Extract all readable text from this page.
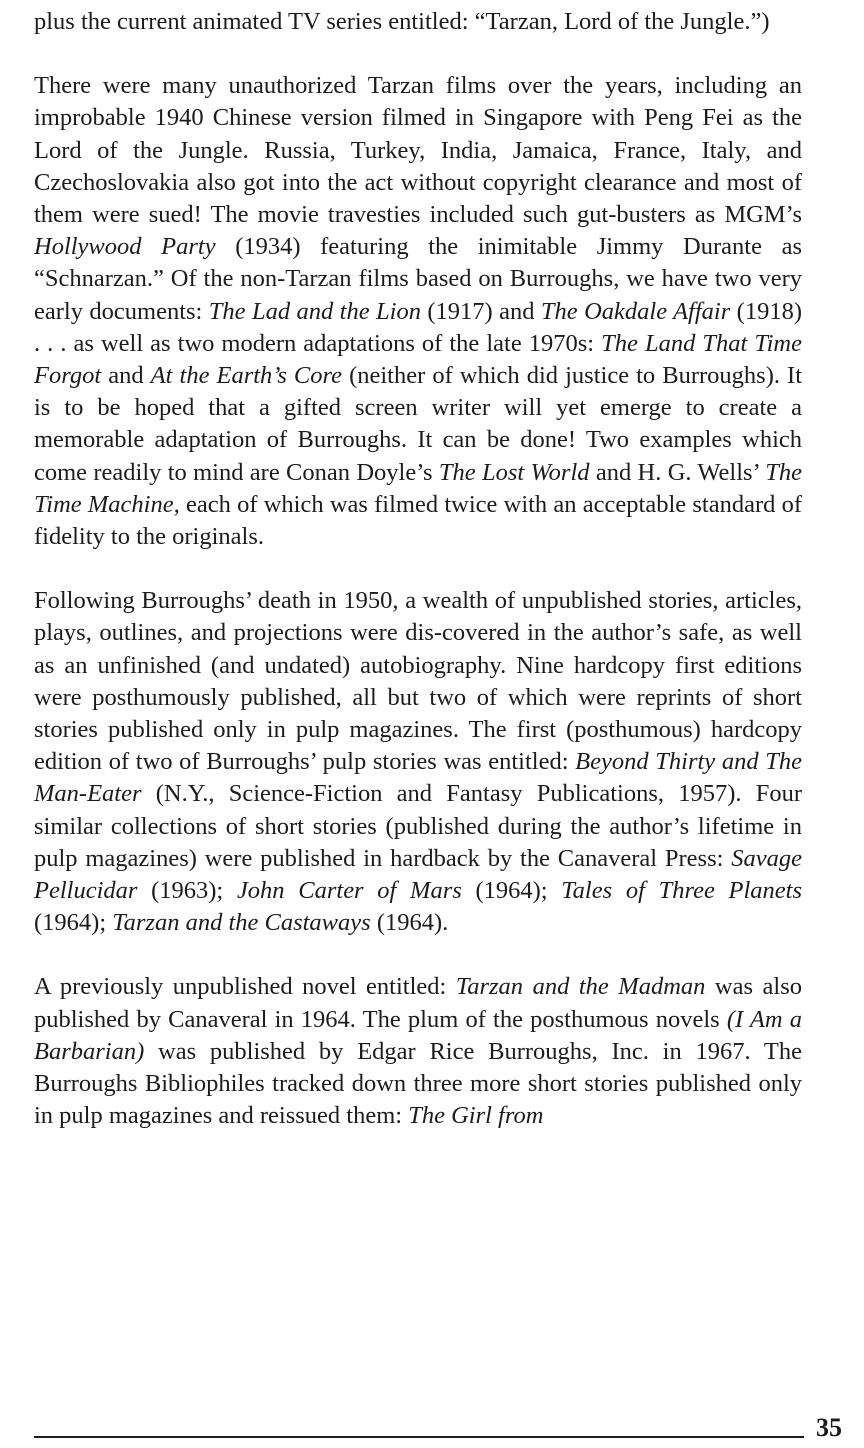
plus the current animated TV series entitled: “Tarzan, Lord of the Jungle.”)

There were many unauthorized Tarzan films over the years, including an improbable 1940 Chinese version filmed in Singapore with Peng Fei as the Lord of the Jungle. Russia, Turkey, India, Jamaica, France, Italy, and Czechoslovakia also got into the act without copyright clearance and most of them were sued! The movie travesties included such gut-busters as MGM’s Hollywood Party (1934) featuring the inimitable Jimmy Durante as “Schnarzan.” Of the non-Tarzan films based on Burroughs, we have two very early documents: The Lad and the Lion (1917) and The Oakdale Affair (1918) . . . as well as two modern adaptations of the late 1970s: The Land That Time Forgot and At the Earth’s Core (neither of which did justice to Burroughs). It is to be hoped that a gifted screen writer will yet emerge to create a memorable adaptation of Burroughs. It can be done! Two examples which come readily to mind are Conan Doyle’s The Lost World and H. G. Wells’ The Time Machine, each of which was filmed twice with an acceptable standard of fidelity to the originals.

Following Burroughs’ death in 1950, a wealth of unpublished stories, articles, plays, outlines, and projections were dis-covered in the author’s safe, as well as an unfinished (and undated) autobiography. Nine hardcopy first editions were posthumously published, all but two of which were reprints of short stories published only in pulp magazines. The first (posthumous) hardcopy edition of two of Burroughs’ pulp stories was entitled: Beyond Thirty and The Man-Eater (N.Y., Science-Fiction and Fantasy Publications, 1957). Four similar collections of short stories (published during the author’s lifetime in pulp magazines) were published in hardback by the Canaveral Press: Savage Pellucidar (1963); John Carter of Mars (1964); Tales of Three Planets (1964); Tarzan and the Castaways (1964).

A previously unpublished novel entitled: Tarzan and the Madman was also published by Canaveral in 1964. The plum of the posthumous novels (I Am a Barbarian) was published by Edgar Rice Burroughs, Inc. in 1967. The Burroughs Bibliophiles tracked down three more short stories published only in pulp magazines and reissued them: The Girl from

35
